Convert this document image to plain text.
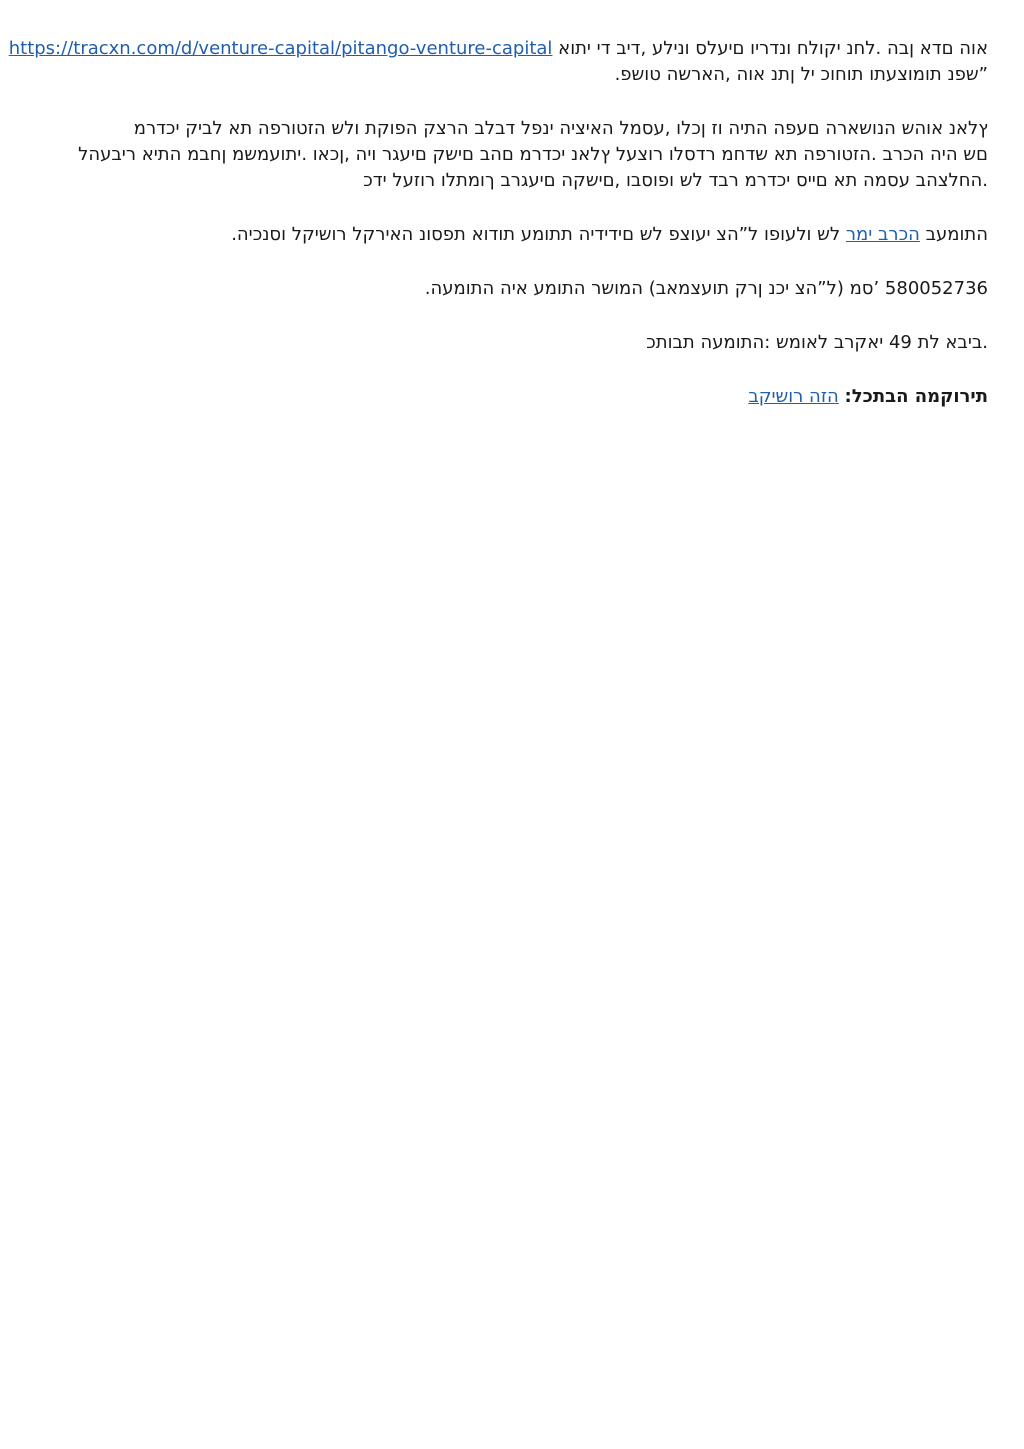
אוה םדא ןבה .לחנ יקולח ונדריו םיעלס ונילע ,דיב די יתוא https://tracxn.com/d/venture-capital/pitango-venture-capital
”שפנ תומוצעתו תוחוכ יל ןתנ אוה ,הארשה טושפ.
ץלאנ אוהש הנושארה םעפה התיה וז ןכלו ,עסמל האיציה ינפל דבלב הרצק הפוקת ולש הזטורפה תא לביק יכדרמ
םש היה הכרב .הזטורפה תא שדחמ רדסלו רוצעל ץלאנ יכדרמ םהב םישק םיעגר ויה ,ןכאו .יתועמשמ ןחבמ התיא ריבעהל
.החלצהב עסמה תא םייס יכדרמ רבד לש ופוסבו ,םישקה םיעגרב ךומתלו רוזעל ידכ
התומעב הכרב ימר לש ולעופו ל”הצ יעוצפ לש םידידיה תתומע תודוא תפסונ האירקל רושיקל וסנכיה.
580052736 ’סמ (ל”הצ יכנ ןרק תועצמאב) המושר התומע איה התומעה.
.ביבא לת 49 יאקרב לאומש :התומעה תבותכ
תירוקמה הבתכל: הזה רושיקב
